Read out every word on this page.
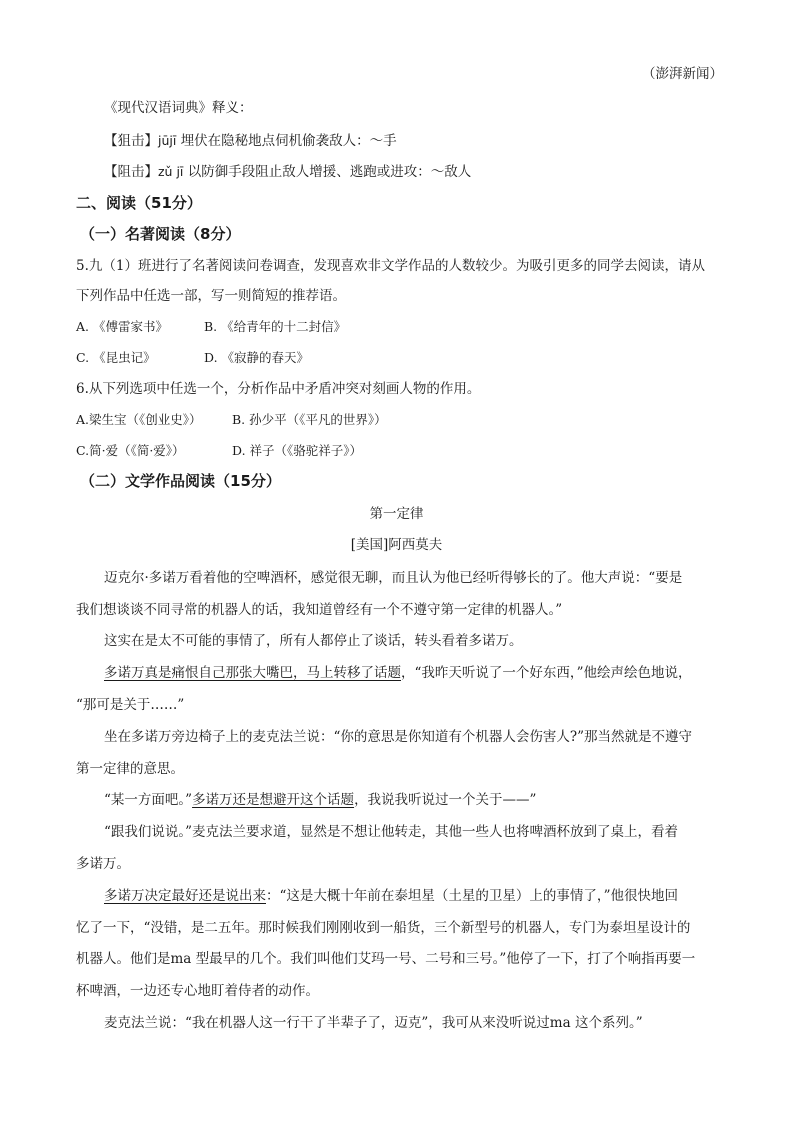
（澎湃新闻）
《现代汉语词典》释义：
【狙击】jūjī 埋伏在隐秘地点伺机偷袭敌人：～手
【阻击】zǔ jī 以防御手段阻止敌人增援、逃跑或进攻：～敌人
二、阅读（51分）
（一）名著阅读（8分）
5.九（1）班进行了名著阅读问卷调查，发现喜欢非文学作品的人数较少。为吸引更多的同学去阅读，请从
下列作品中任选一部，写一则简短的推荐语。
A. 《傅雷家书》	B. 《给青年的十二封信》
C. 《昆虫记》	D. 《寂静的春天》
6.从下列选项中任选一个，分析作品中矛盾冲突对刻画人物的作用。
A.梁生宝（《创业史》） B. 孙少平（《平凡的世界》）
C.简·爱（《简·爱》）	D. 祥子（《骆驼祥子》）
（二）文学作品阅读（15分）
第一定律
[美国]阿西莫夫
迈克尔·多诺万看着他的空啤酒杯，感觉很无聊，而且认为他已经听得够长的了。他大声说：“要是
我们想谈谈不同寻常的机器人的话，我知道曾经有一个不遵守第一定律的机器人。”
这实在是太不可能的事情了，所有人都停止了谈话，转头看着多诺万。
多诺万真是痛恨自己那张大嘴巴，马上转移了话题，“我昨天听说了一个好东西，”他绘声绘色地说，
“那可是关于……”
坐在多诺万旁边椅子上的麦克法兰说：“你的意思是你知道有个机器人会伤害人?”那当然就是不遵守
第一定律的意思。
“某一方面吧。”多诺万还是想避开这个话题，我说我听说过一个关于——”
“跟我们说说。”麦克法兰要求道，显然是不想让他转走，其他一些人也将啤酒杯放到了桌上，看着
多诺万。
多诺万决定最好还是说出来：“这是大概十年前在泰坦星（土星的卫星）上的事情了，”他很快地回
忆了一下，“没错，是二五年。那时候我们刚刚收到一船货，三个新型号的机器人，专门为泰坦星设计的
机器人。他们是ma 型最早的几个。我们叫他们艾玛一号、二号和三号。”他停了一下，打了个响指再要一
杯啤酒，一边还专心地盯着侍者的动作。
麦克法兰说：“我在机器人这一行干了半辈子了，迈克”，我可从来没听说过ma 这个系列。”
